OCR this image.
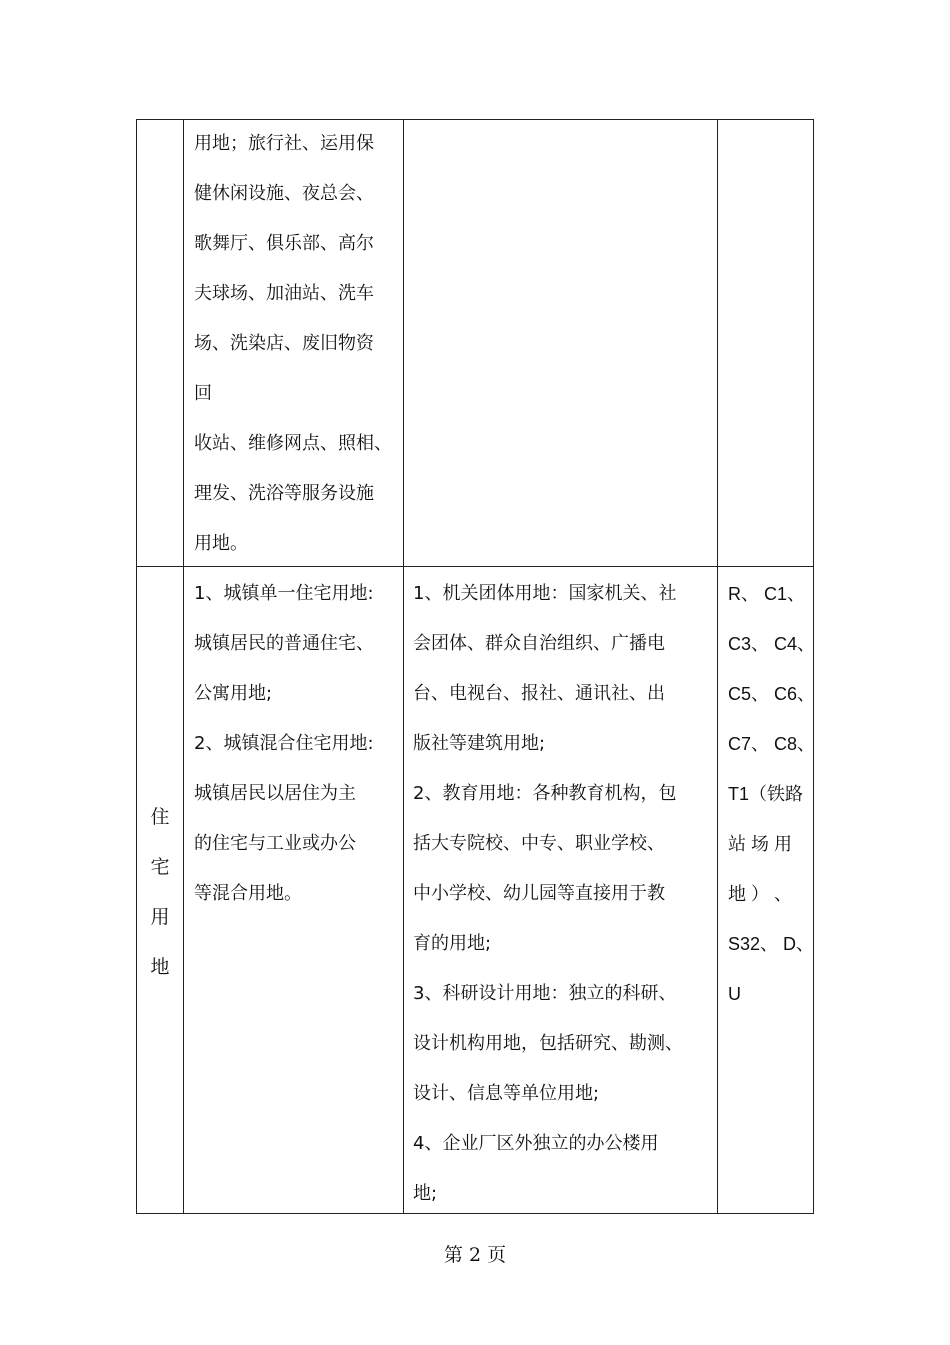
用地；旅行社、运用保
健休闲设施、夜总会、
歌舞厅、俱乐部、高尔
夫球场、加油站、洗车
场、洗染店、废旧物资
回
收站、维修网点、照相、
理发、洗浴等服务设施
用地。
住
宅
用
地
1、城镇单一住宅用地:
城镇居民的普通住宅、
公寓用地;
2、城镇混合住宅用地:
城镇居民以居住为主
的住宅与工业或办公
等混合用地。
1、机关团体用地：国家机关、社
会团体、群众自治组织、广播电
台、电视台、报社、通讯社、出
版社等建筑用地;
2、教育用地：各种教育机构，包
括大专院校、中专、职业学校、
中小学校、幼儿园等直接用于教
育的用地;
3、科研设计用地：独立的科研、
设计机构用地，包括研究、勘测、
设计、信息等单位用地;
4、企业厂区外独立的办公楼用
地;
R、 C1、
C3、 C4、
C5、 C6、
C7、 C8、
T1（铁路
站 场 用
地 ） 、
S32、 D、
U
第 2 页
